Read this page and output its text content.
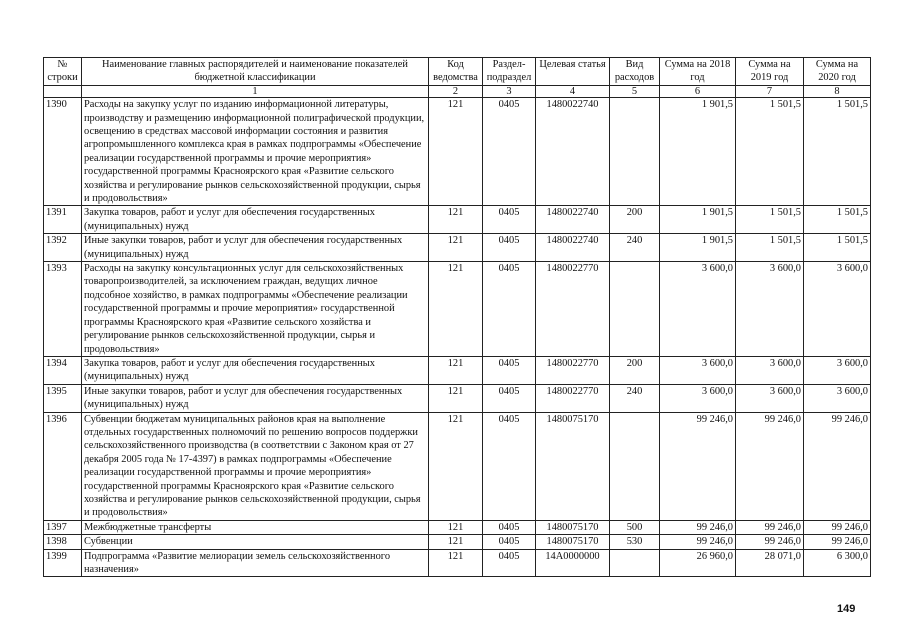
№ строки	Наименование главных распорядителей и наименование показателей бюджетной классификации	Код ведомства	Раздел-подраздел	Целевая статья	Вид расходов	Сумма на 2018 год	Сумма на 2019 год	Сумма на 2020 год
	1	2	3	4	5	6	7	8
1390	Расходы на закупку услуг по изданию информационной литературы, производству и размещению информационной полиграфической продукции, освещению в средствах массовой информации состояния и развития агропромышленного комплекса края в рамках подпрограммы «Обеспечение реализации государственной программы и прочие мероприятия» государственной программы Красноярского края «Развитие сельского хозяйства и регулирование рынков сельскохозяйственной продукции, сырья и продовольствия»	121	0405	1480022740		1 901,5	1 501,5	1 501,5
1391	Закупка товаров, работ и услуг для обеспечения государственных (муниципальных) нужд	121	0405	1480022740	200	1 901,5	1 501,5	1 501,5
1392	Иные закупки товаров, работ и услуг для обеспечения государственных (муниципальных) нужд	121	0405	1480022740	240	1 901,5	1 501,5	1 501,5
1393	Расходы на закупку консультационных услуг для сельскохозяйственных товаропроизводителей, за исключением граждан, ведущих личное подсобное хозяйство, в рамках подпрограммы «Обеспечение реализации государственной программы и прочие мероприятия» государственной программы Красноярского края «Развитие сельского хозяйства и регулирование рынков сельскохозяйственной продукции, сырья и продовольствия»	121	0405	1480022770		3 600,0	3 600,0	3 600,0
1394	Закупка товаров, работ и услуг для обеспечения государственных (муниципальных) нужд	121	0405	1480022770	200	3 600,0	3 600,0	3 600,0
1395	Иные закупки товаров, работ и услуг для обеспечения государственных (муниципальных) нужд	121	0405	1480022770	240	3 600,0	3 600,0	3 600,0
1396	Субвенции бюджетам муниципальных районов края на выполнение отдельных государственных полномочий по решению вопросов поддержки сельскохозяйственного производства (в соответствии с Законом края от 27 декабря 2005 года № 17-4397) в рамках подпрограммы «Обеспечение реализации государственной программы и прочие мероприятия» государственной программы Красноярского края «Развитие сельского хозяйства и регулирование рынков сельскохозяйственной продукции, сырья и продовольствия»	121	0405	1480075170		99 246,0	99 246,0	99 246,0
1397	Межбюджетные трансферты	121	0405	1480075170	500	99 246,0	99 246,0	99 246,0
1398	Субвенции	121	0405	1480075170	530	99 246,0	99 246,0	99 246,0
1399	Подпрограмма «Развитие мелиорации земель сельскохозяйственного назначения»	121	0405	14А0000000		26 960,0	28 071,0	6 300,0
149
